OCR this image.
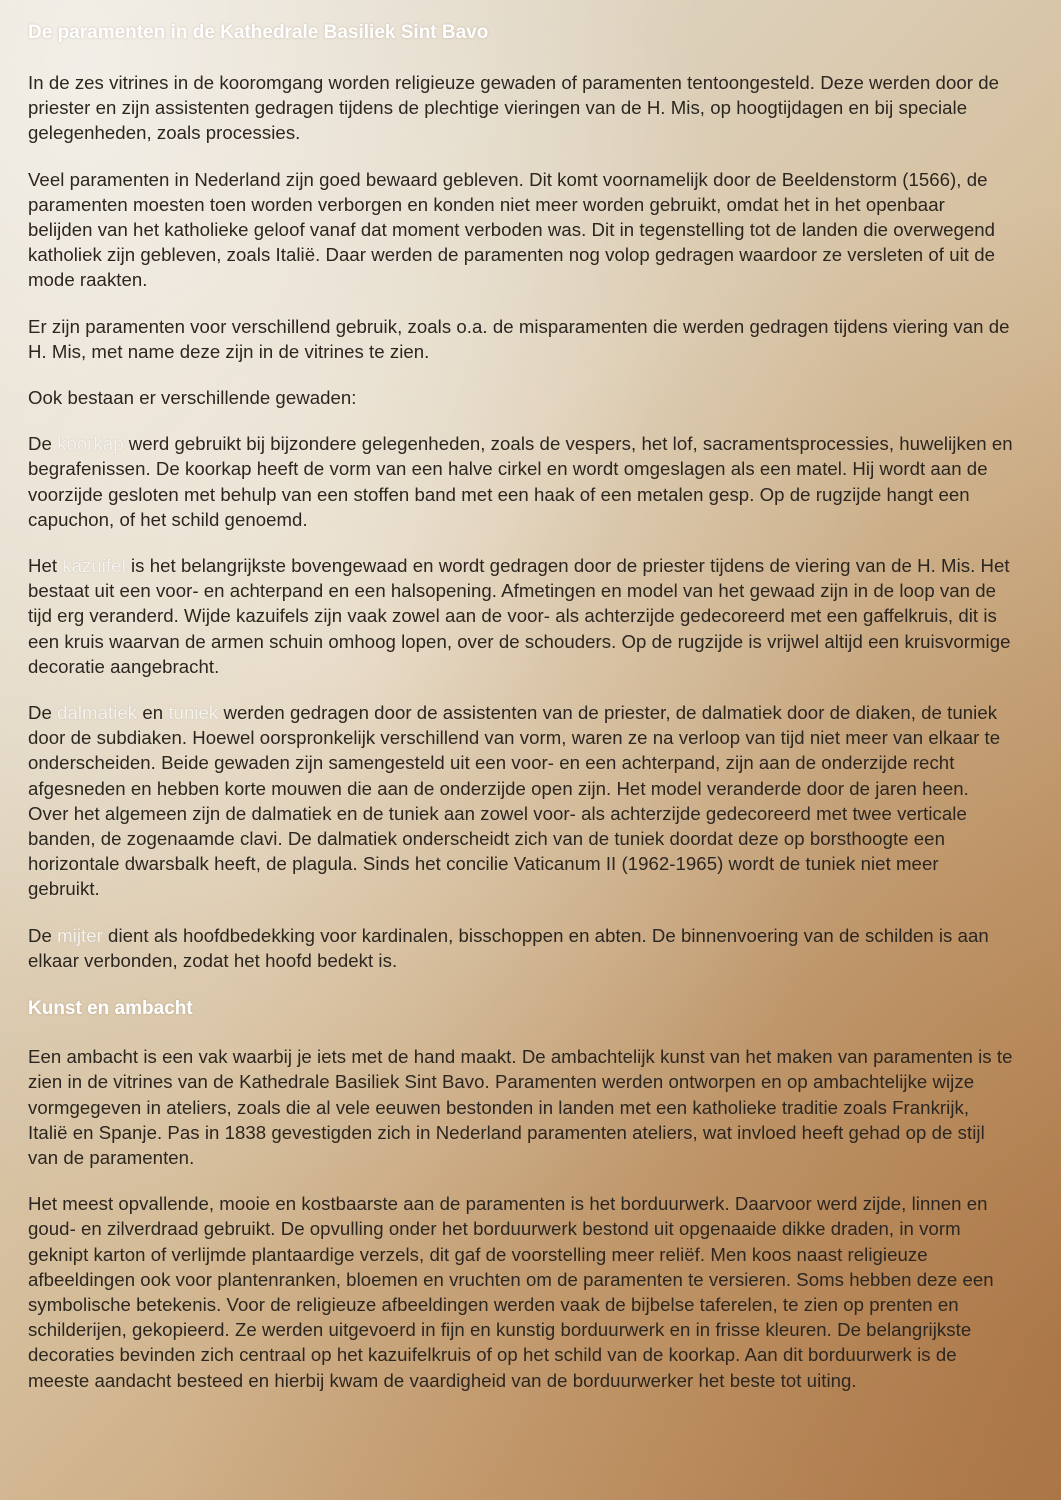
De paramenten in de Kathedrale Basiliek Sint Bavo

In de zes vitrines in de kooromgang worden religieuze gewaden of paramenten tentoongesteld. Deze werden door de priester en zijn assistenten gedragen tijdens de plechtige vieringen van de H. Mis, op hoogtijdagen en bij speciale gelegenheden, zoals processies.

Veel paramenten in Nederland zijn goed bewaard gebleven. Dit komt voornamelijk door de Beeldenstorm (1566), de paramenten moesten toen worden verborgen en konden niet meer worden gebruikt, omdat het in het openbaar belijden van het katholieke geloof vanaf dat moment verboden was. Dit in tegenstelling tot de landen die overwegend katholiek zijn gebleven, zoals Italië. Daar werden de paramenten nog volop gedragen waardoor ze versleten of uit de mode raakten.

Er zijn paramenten voor verschillend gebruik, zoals o.a. de misparamenten die werden gedragen tijdens viering van de H. Mis, met name deze zijn in de vitrines te zien.

Ook bestaan er verschillende gewaden:

De koorkap werd gebruikt bij bijzondere gelegenheden, zoals de vespers, het lof, sacramentsprocessies, huwelijken en begrafenissen. De koorkap heeft de vorm van een halve cirkel en wordt omgeslagen als een matel. Hij wordt aan de voorzijde gesloten met behulp van een stoffen band met een haak of een metalen gesp. Op de rugzijde hangt een capuchon, of het schild genoemd.

Het kazuifel is het belangrijkste bovengewaad en wordt gedragen door de priester tijdens de viering van de H. Mis. Het bestaat uit een voor- en achterpand en een halsopening. Afmetingen en model van het gewaad zijn in de loop van de tijd erg veranderd. Wijde kazuifels zijn vaak zowel aan de voor- als achterzijde gedecoreerd met een gaffelkruis, dit is een kruis waarvan de armen schuin omhoog lopen, over de schouders. Op de rugzijde is vrijwel altijd een kruisvormige decoratie aangebracht.

De dalmatiek en tuniek werden gedragen door de assistenten van de priester, de dalmatiek door de diaken, de tuniek door de subdiaken. Hoewel oorspronkelijk verschillend van vorm, waren ze na verloop van tijd niet meer van elkaar te onderscheiden. Beide gewaden zijn samengesteld uit een voor- en een achterpand, zijn aan de onderzijde recht afgesneden en hebben korte mouwen die aan de onderzijde open zijn. Het model veranderde door de jaren heen. Over het algemeen zijn de dalmatiek en de tuniek aan zowel voor- als achterzijde gedecoreerd met twee verticale banden, de zogenaamde clavi. De dalmatiek onderscheidt zich van de tuniek doordat deze op borsthoogte een horizontale dwarsbalk heeft, de plagula. Sinds het concilie Vaticanum II (1962-1965) wordt de tuniek niet meer gebruikt.

De mijter dient als hoofdbedekking voor kardinalen, bisschoppen en abten. De binnenvoering van de schilden is aan elkaar verbonden, zodat het hoofd bedekt is.

Kunst en ambacht

Een ambacht is een vak waarbij je iets met de hand maakt. De ambachtelijk kunst van het maken van paramenten is te zien in de vitrines van de Kathedrale Basiliek Sint Bavo. Paramenten werden ontworpen en op ambachtelijke wijze vormgegeven in ateliers, zoals die al vele eeuwen bestonden in landen met een katholieke traditie zoals Frankrijk, Italië en Spanje. Pas in 1838 gevestigden zich in Nederland paramenten ateliers, wat invloed heeft gehad op de stijl van de paramenten.

Het meest opvallende, mooie en kostbaarste aan de paramenten is het borduurwerk. Daarvoor werd zijde, linnen en goud- en zilverdraad gebruikt. De opvulling onder het borduurwerk bestond uit opgenaaide dikke draden, in vorm geknipt karton of verlijmde plantaardige verzels, dit gaf de voorstelling meer reliëf. Men koos naast religieuze afbeeldingen ook voor plantenranken, bloemen en vruchten om de paramenten te versieren. Soms hebben deze een symbolische betekenis. Voor de religieuze afbeeldingen werden vaak de bijbelse taferelen, te zien op prenten en schilderijen, gekopieerd. Ze werden uitgevoerd in fijn en kunstig borduurwerk en in frisse kleuren. De belangrijkste decoraties bevinden zich centraal op het kazuifelkruis of op het schild van de koorkap. Aan dit borduurwerk is de meeste aandacht besteed en hierbij kwam de vaardigheid van de borduurwerker het beste tot uiting.
